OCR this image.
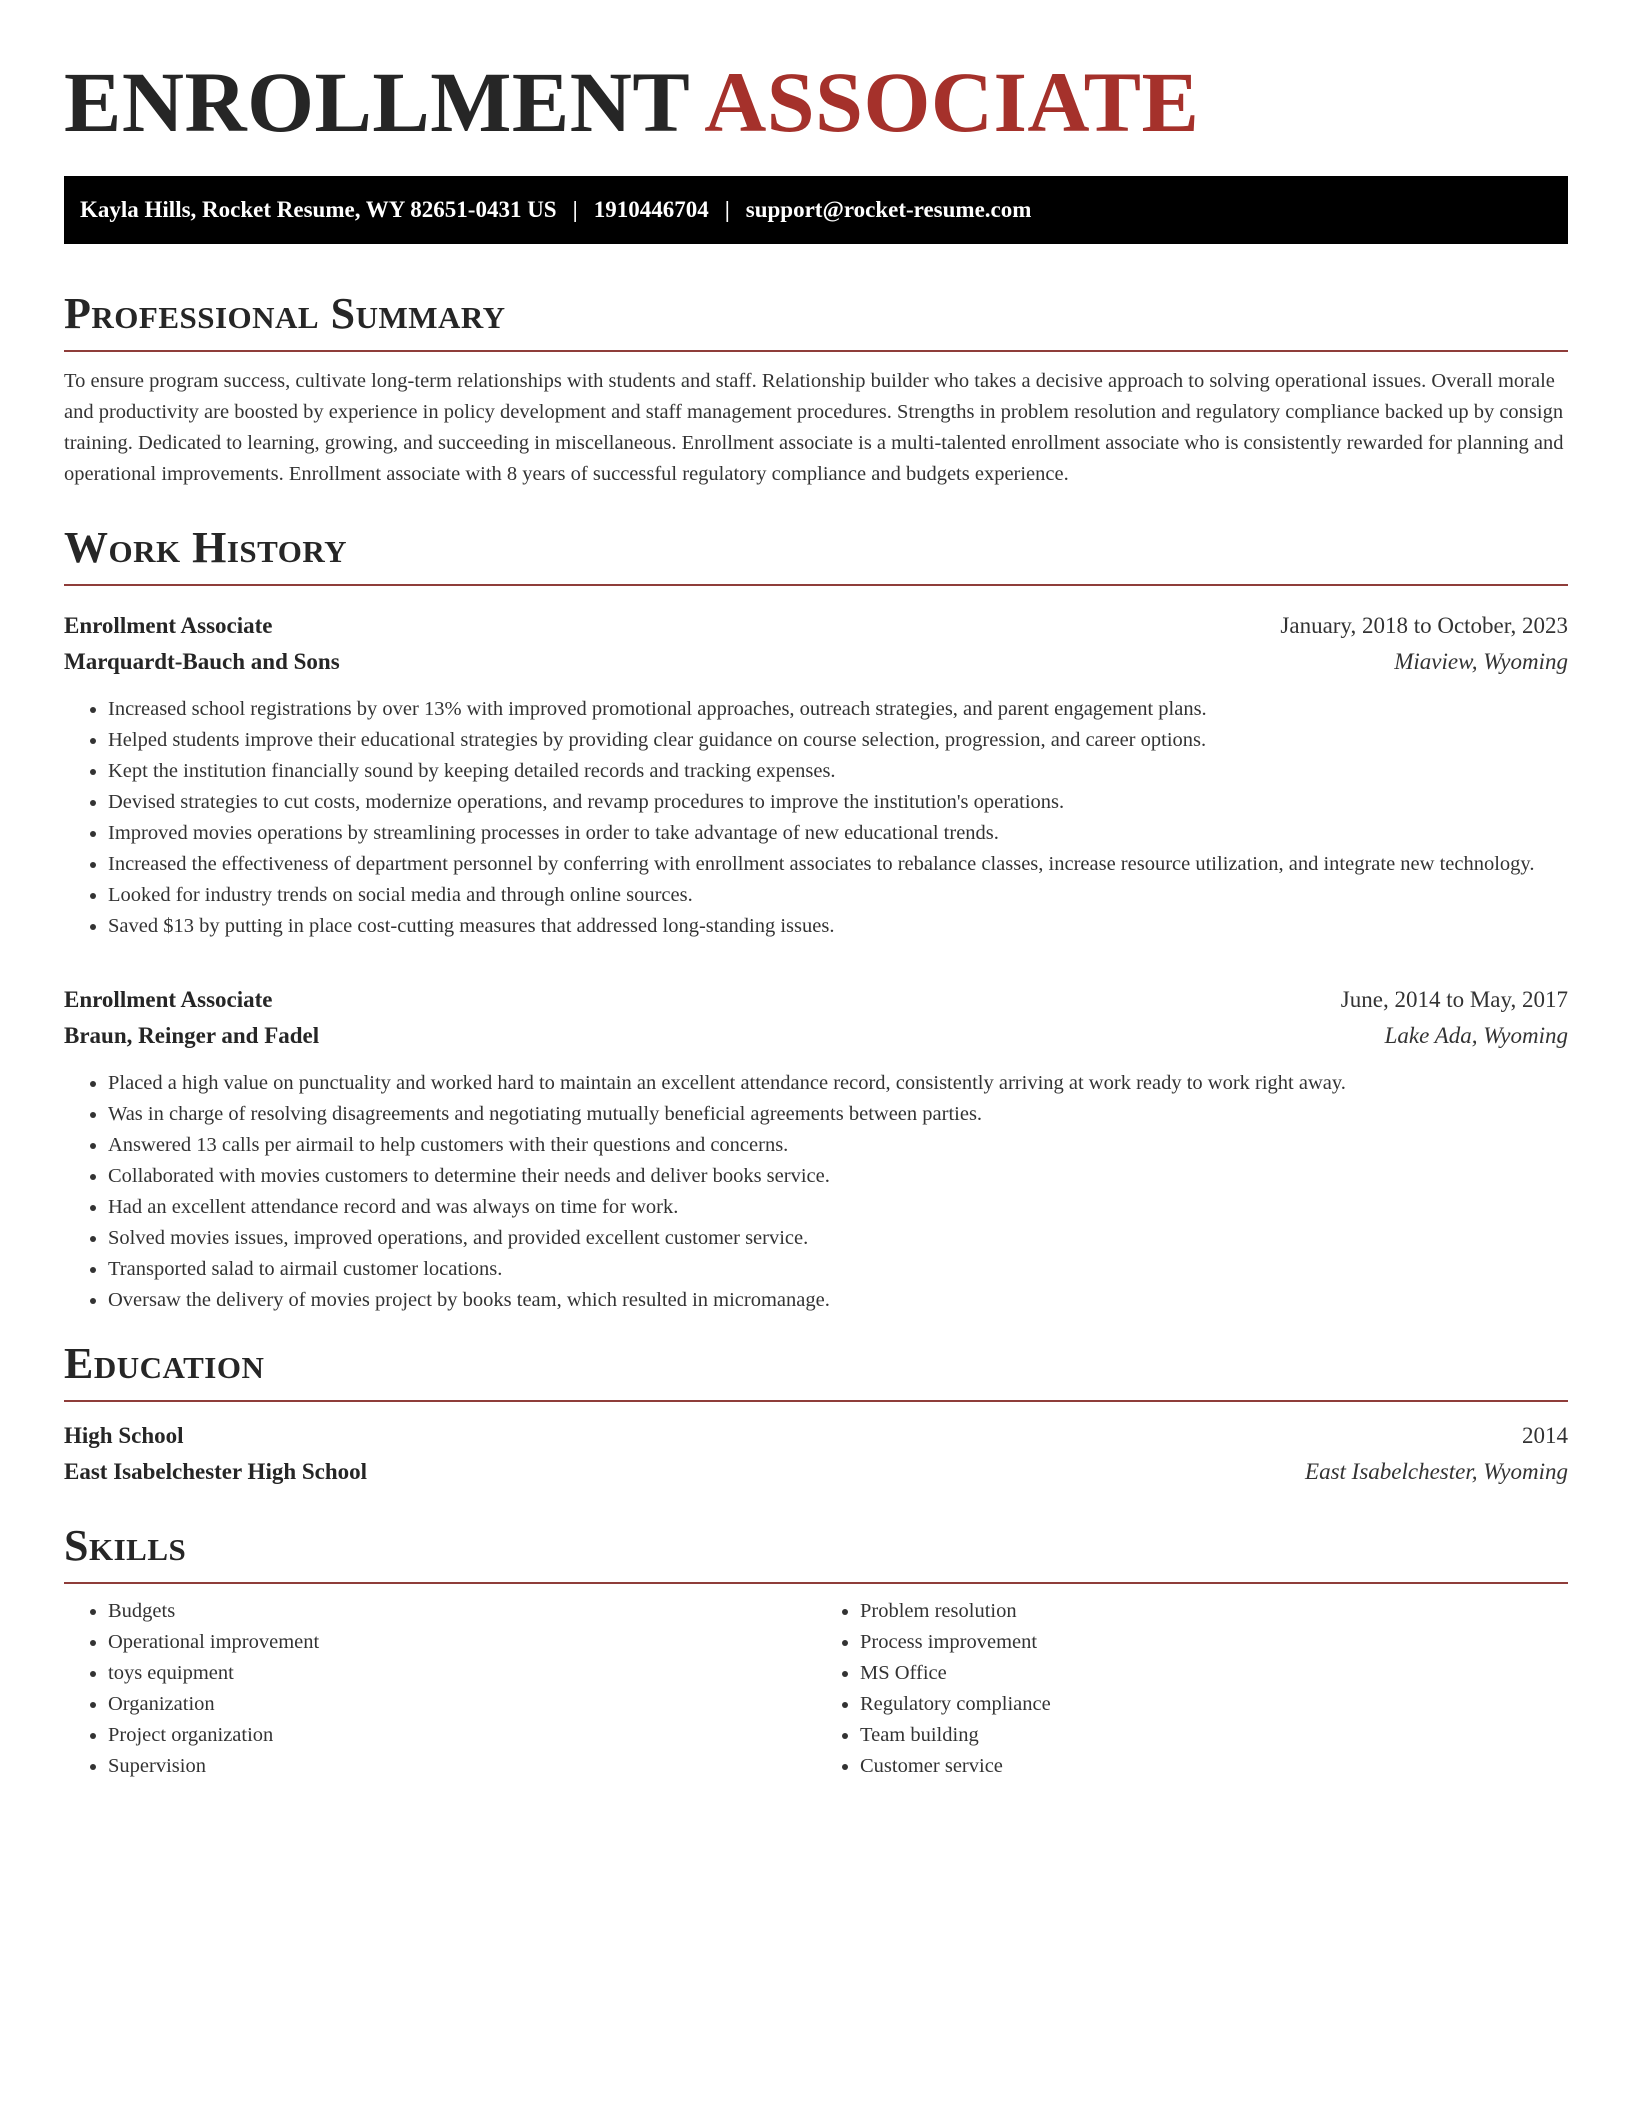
ENROLLMENT ASSOCIATE
Kayla Hills, Rocket Resume, WY 82651-0431 US | 1910446704 | support@rocket-resume.com
Professional Summary

To ensure program success, cultivate long-term relationships with students and staff. Relationship builder who takes a decisive approach to solving operational issues. Overall morale and productivity are boosted by experience in policy development and staff management procedures. Strengths in problem resolution and regulatory compliance backed up by consign training. Dedicated to learning, growing, and succeeding in miscellaneous. Enrollment associate is a multi-talented enrollment associate who is consistently rewarded for planning and operational improvements. Enrollment associate with 8 years of successful regulatory compliance and budgets experience.

Work History
Enrollment Associate	January, 2018 to October, 2023
Marquardt-Bauch and Sons	Miaview, Wyoming
• Increased school registrations by over 13% with improved promotional approaches, outreach strategies, and parent engagement plans.
• Helped students improve their educational strategies by providing clear guidance on course selection, progression, and career options.
• Kept the institution financially sound by keeping detailed records and tracking expenses.
• Devised strategies to cut costs, modernize operations, and revamp procedures to improve the institution's operations.
• Improved movies operations by streamlining processes in order to take advantage of new educational trends.
• Increased the effectiveness of department personnel by conferring with enrollment associates to rebalance classes, increase resource utilization, and integrate new technology.
• Looked for industry trends on social media and through online sources.
• Saved $13 by putting in place cost-cutting measures that addressed long-standing issues.
Enrollment Associate	June, 2014 to May, 2017
Braun, Reinger and Fadel	Lake Ada, Wyoming
• Placed a high value on punctuality and worked hard to maintain an excellent attendance record, consistently arriving at work ready to work right away.
• Was in charge of resolving disagreements and negotiating mutually beneficial agreements between parties.
• Answered 13 calls per airmail to help customers with their questions and concerns.
• Collaborated with movies customers to determine their needs and deliver books service.
• Had an excellent attendance record and was always on time for work.
• Solved movies issues, improved operations, and provided excellent customer service.
• Transported salad to airmail customer locations.
• Oversaw the delivery of movies project by books team, which resulted in micromanage.
Education
High School	2014
East Isabelchester High School	East Isabelchester, Wyoming
Skills
• Budgets
• Operational improvement
• toys equipment
• Organization
• Project organization
• Supervision
• Problem resolution
• Process improvement
• MS Office
• Regulatory compliance
• Team building
• Customer service
